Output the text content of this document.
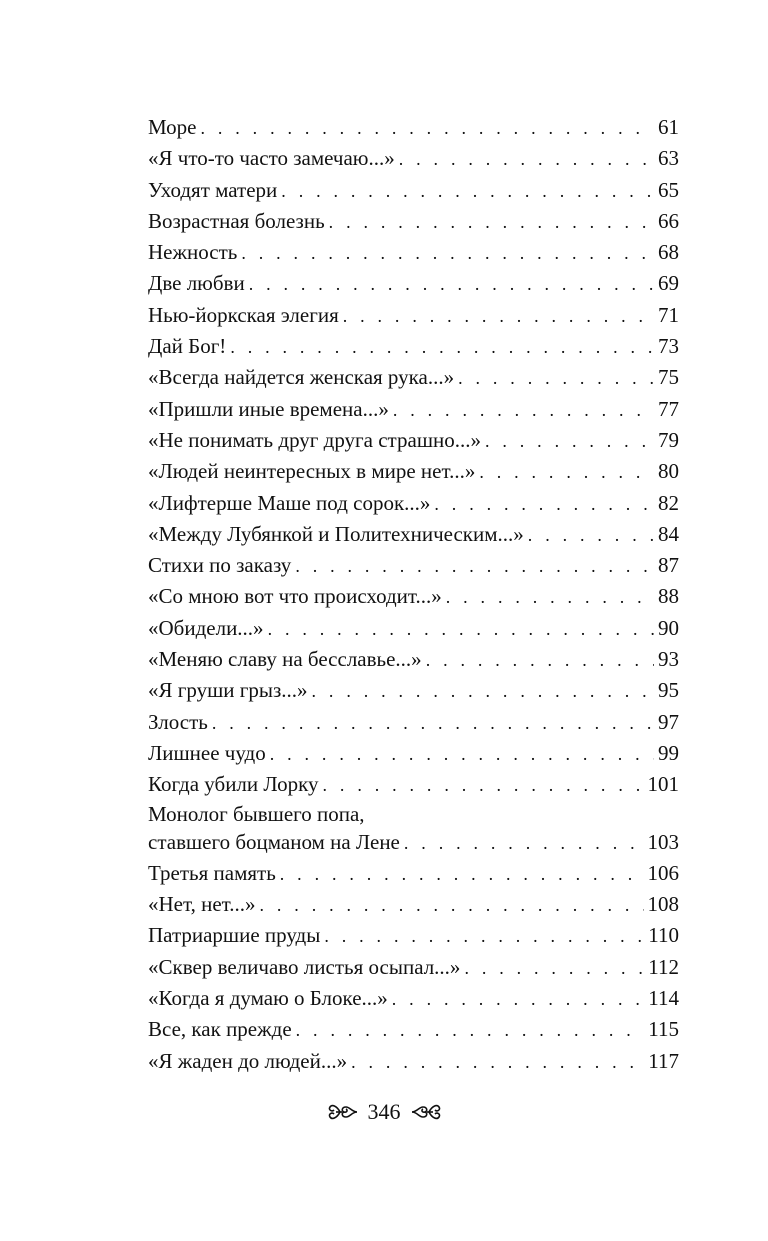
Море . . .	61
«Я что-то часто замечаю...» . . .	63
Уходят матери . . .	65
Возрастная болезнь . . .	66
Нежность . . .	68
Две любви . . .	69
Нью-йоркская элегия . . .	71
Дай Бог! . . .	73
«Всегда найдется женская рука...» . . .	75
«Пришли иные времена...» . . .	77
«Не понимать друг друга страшно...» . . .	79
«Людей неинтересных в мире нет...» . . .	80
«Лифтерше Маше под сорок...» . . .	82
«Между Лубянкой и Политехническим...» . . .	84
Стихи по заказу . . .	87
«Со мною вот что происходит...» . . .	88
«Обидели...» . . .	90
«Меняю славу на бесславье...» . . .	93
«Я груши грыз...» . . .	95
Злость . . .	97
Лишнее чудо . . .	99
Когда убили Лорку . . .	101
Монолог бывшего попа,
ставшего боцманом на Лене . . .	103
Третья память . . .	106
«Нет, нет...» . . .	108
Патриаршие пруды . . .	110
«Сквер величаво листья осыпал...» . . .	112
«Когда я думаю о Блоке...» . . .	114
Все, как прежде . . .	115
«Я жаден до людей...» . . .	117
346
